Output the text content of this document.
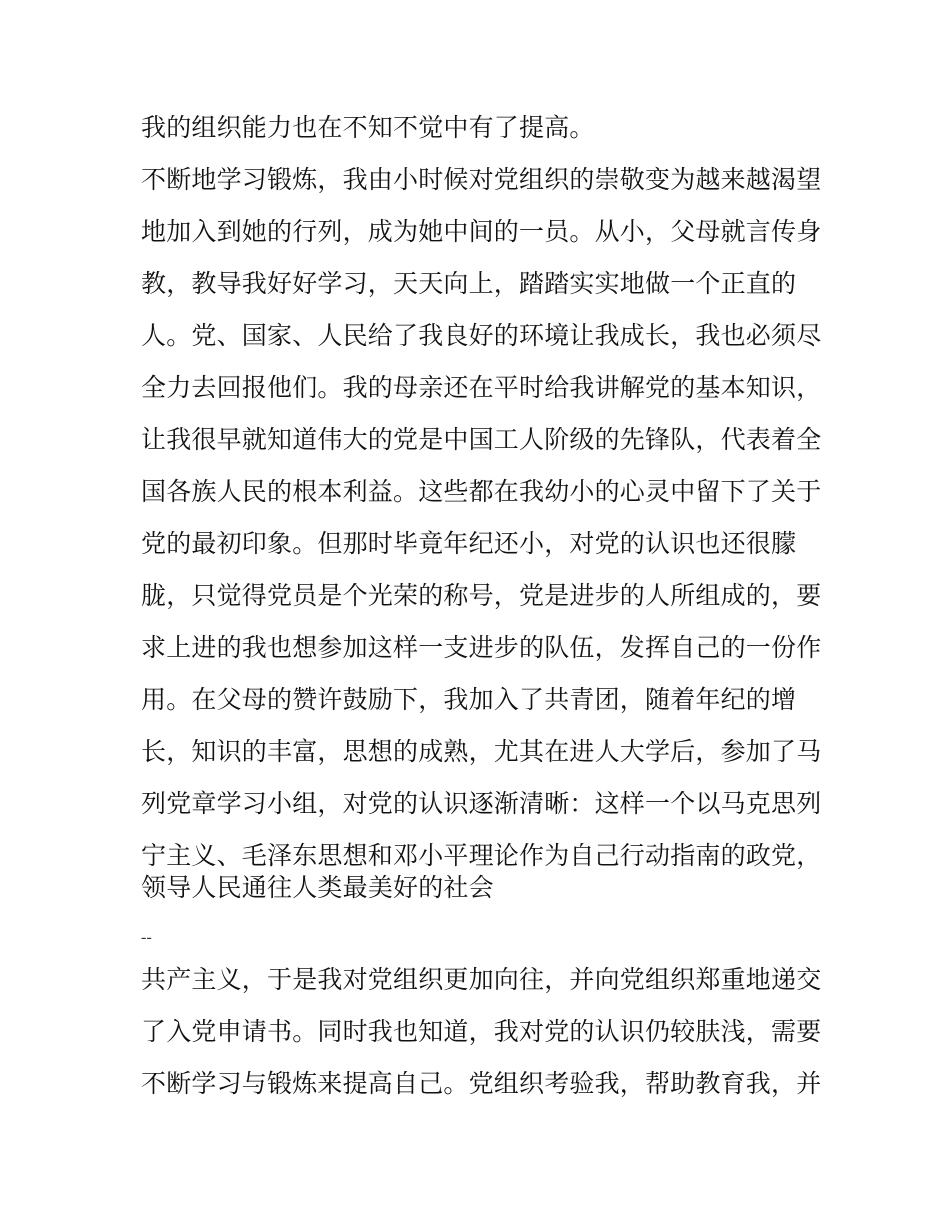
我的组织能力也在不知不觉中有了提高。
不断地学习锻炼，我由小时候对党组织的崇敬变为越来越渴望
地加入到她的行列，成为她中间的一员。从小，父母就言传身
教，教导我好好学习，天天向上，踏踏实实地做一个正直的
人。党、国家、人民给了我良好的环境让我成长，我也必须尽
全力去回报他们。我的母亲还在平时给我讲解党的基本知识，
让我很早就知道伟大的党是中国工人阶级的先锋队，代表着全
国各族人民的根本利益。这些都在我幼小的心灵中留下了关于
党的最初印象。但那时毕竟年纪还小，对党的认识也还很朦
胧，只觉得党员是个光荣的称号，党是进步的人所组成的，要
求上进的我也想参加这样一支进步的队伍，发挥自己的一份作
用。在父母的赞许鼓励下，我加入了共青团，随着年纪的增
长，知识的丰富，思想的成熟，尤其在进人大学后，参加了马
列党章学习小组，对党的认识逐渐清晰：这样一个以马克思列
宁主义、毛泽东思想和邓小平理论作为自己行动指南的政党，
领导人民通往人类最美好的社会
--
共产主义，于是我对党组织更加向往，并向党组织郑重地递交
了入党申请书。同时我也知道，我对党的认识仍较肤浅，需要
不断学习与锻炼来提高自己。党组织考验我，帮助教育我，并
